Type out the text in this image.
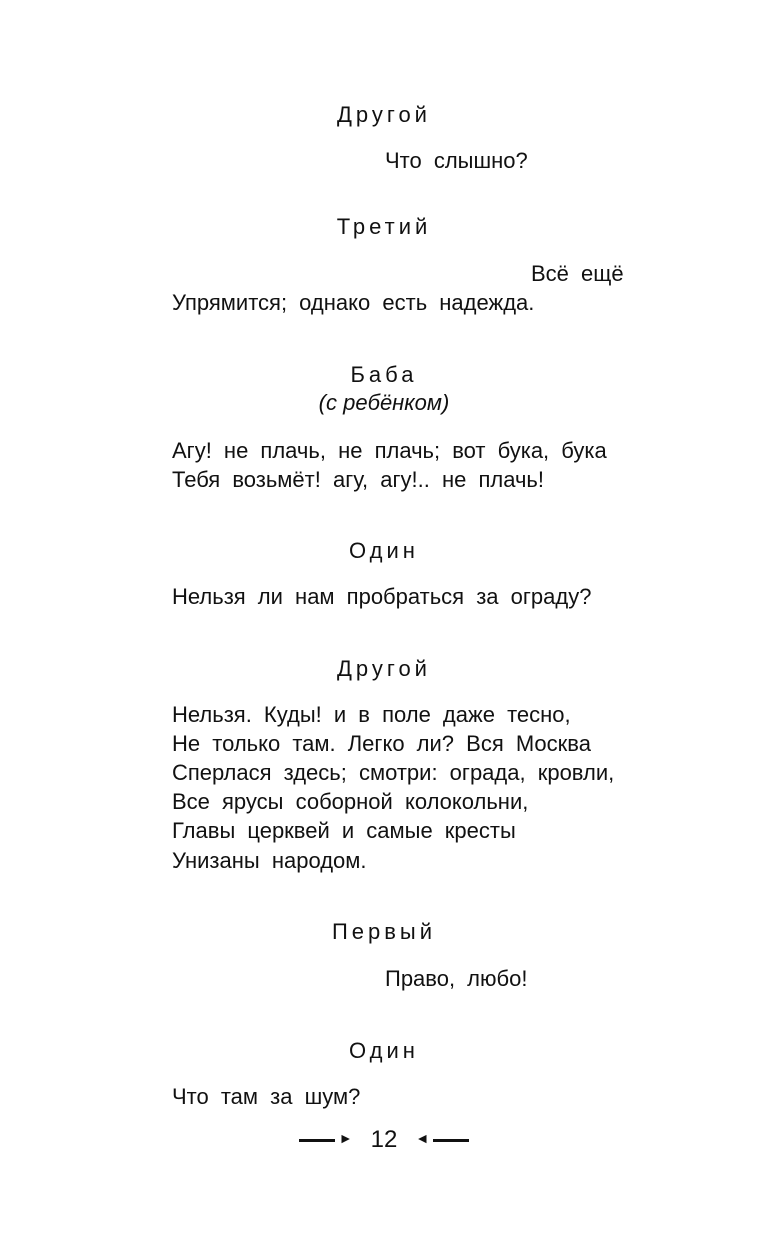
Другой
Что слышно?
Третий
Всё ещё
Упрямится; однако есть надежда.
Баба
(с ребёнком)
Агу! не плачь, не плачь; вот бука, бука
Тебя возьмёт! агу, агу!.. не плачь!
Один
Нельзя ли нам пробраться за ограду?
Другой
Нельзя. Куды! и в поле даже тесно,
Не только там. Легко ли? Вся Москва
Сперлася здесь; смотри: ограда, кровли,
Все ярусы соборной колокольни,
Главы церквей и самые кресты
Унизаны народом.
Первый
Право, любо!
Один
Что там за шум?
► 12 ◄
